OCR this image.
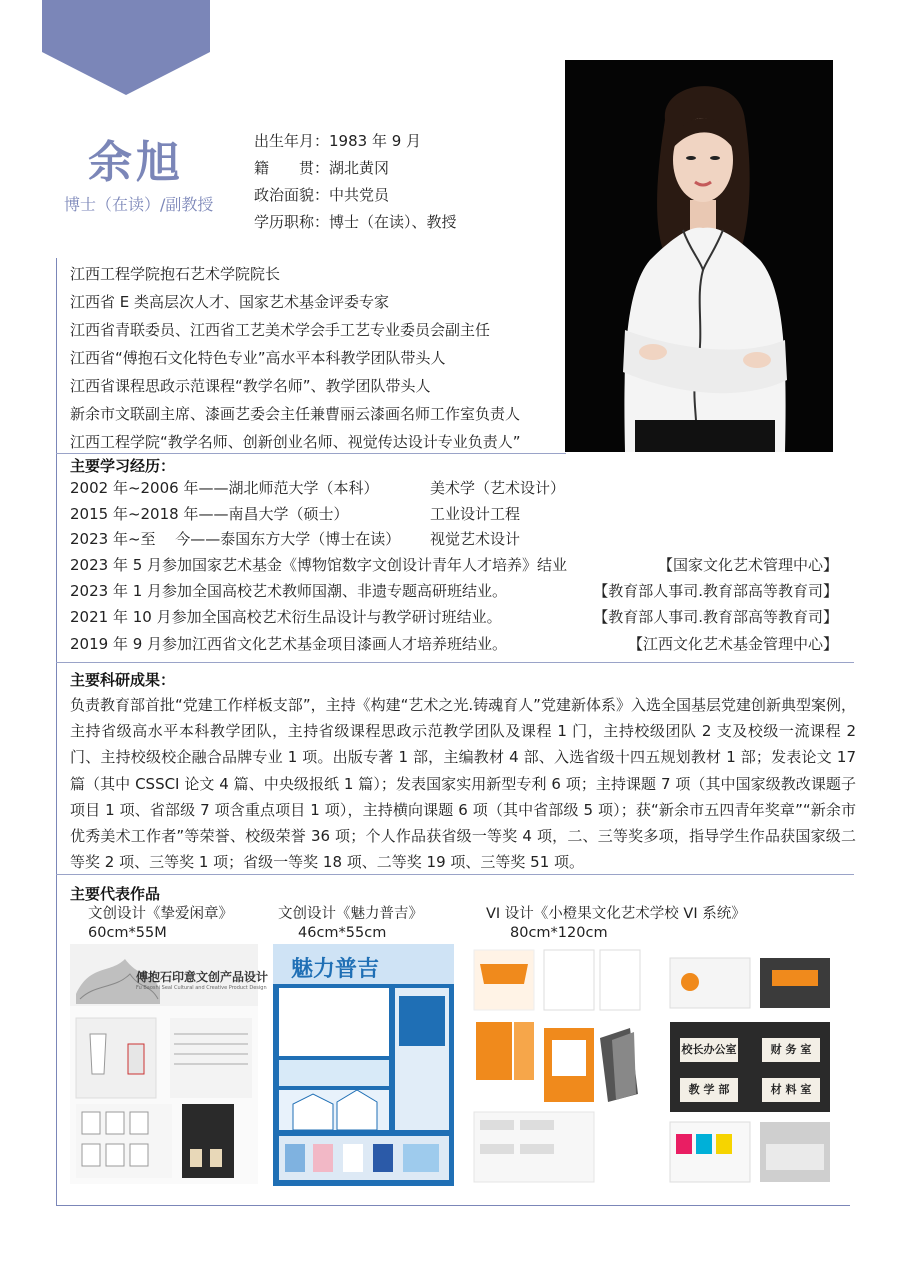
余旭
博士（在读）/副教授
出生年月：1983 年 9 月
籍　　贯：湖北黄冈
政治面貌：中共党员
学历职称：博士（在读）、教授
江西工程学院抱石艺术学院院长
江西省 E 类高层次人才、国家艺术基金评委专家
江西省青联委员、江西省工艺美术学会手工艺专业委员会副主任
江西省“傅抱石文化特色专业”高水平本科教学团队带头人
江西省课程思政示范课程“教学名师”、教学团队带头人
新余市文联副主席、漆画艺委会主任兼曹丽云漆画名师工作室负责人
江西工程学院“教学名师、创新创业名师、视觉传达设计专业负责人”
主要学习经历：
2002 年~2006 年——湖北师范大学（本科）	美术学（艺术设计）
2015 年~2018 年——南昌大学（硕士）	工业设计工程
2023 年~至　 今——泰国东方大学（博士在读） 视觉艺术设计
2023 年 5 月参加国家艺术基金《博物馆数字文创设计青年人才培养》结业	【国家文化艺术管理中心】
2023 年 1 月参加全国高校艺术教师国潮、非遗专题高研班结业。	【教育部人事司.教育部高等教育司】
2021 年 10 月参加全国高校艺术衍生品设计与教学研讨班结业。	【教育部人事司.教育部高等教育司】
2019 年 9 月参加江西省文化艺术基金项目漆画人才培养班结业。	【江西文化艺术基金管理中心】
主要科研成果：
负责教育部首批“党建工作样板支部”，主持《构建“艺术之光.铸魂育人”党建新体系》入选全国基层党建创新典型案例，主持省级高水平本科教学团队，主持省级课程思政示范教学团队及课程 1 门，主持校级团队 2 支及校级一流课程 2 门、主持校级校企融合品牌专业 1 项。出版专著 1 部，主编教材 4 部、入选省级十四五规划教材 1 部；发表论文 17 篇（其中 CSSCI 论文 4 篇、中央级报纸 1 篇）；发表国家实用新型专利 6 项；主持课题 7 项（其中国家级教改课题子项目 1 项、省部级 7 项含重点项目 1 项），主持横向课题 6 项（其中省部级 5 项）；获“新余市五四青年奖章”“新余市优秀美术工作者”等荣誉、校级荣誉 36 项；个人作品获省级一等奖 4 项，二、三等奖多项，指导学生作品获国家级二等奖 2 项、三等奖 1 项；省级一等奖 18 项、二等奖 19 项、三等奖 51 项。
主要代表作品
文创设计《挚爱闲章》
60cm*55M
文创设计《魅力普吉》
46cm*55cm
VI 设计《小橙果文化艺术学校 VI 系统》
80cm*120cm
傅抱石印意文创产品设计
Fu Baoshi Seal Cultural and Creative Product Design
魅力普吉
校长办公室	财 务 室
教 学 部	材 料 室
